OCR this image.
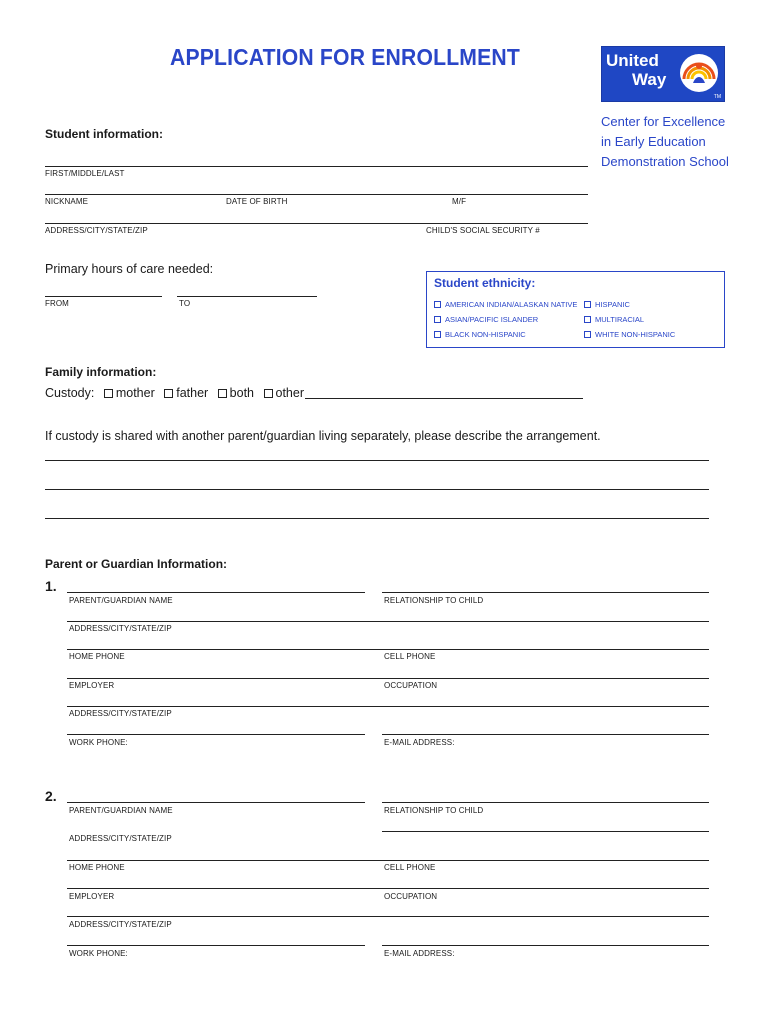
APPLICATION FOR ENROLLMENT	United
Way
TM
Center for Excellence
in Early Education
Demonstration School
Student information:
FIRST/MIDDLE/LAST
NICKNAME	DATE OF BIRTH	M/F
ADDRESS/CITY/STATE/ZIP	CHILD'S SOCIAL SECURITY #
Primary hours of care needed:
FROM	TO
Student ethnicity:
AMERICAN INDIAN/ALASKAN NATIVE	HISPANIC
ASIAN/PACIFIC ISLANDER	MULTIRACIAL
BLACK NON-HISPANIC	WHITE NON-HISPANIC
Family information:
Custody: mother father both other
If custody is shared with another parent/guardian living separately, please describe the arrangement.
Parent or Guardian Information:
1.
PARENT/GUARDIAN NAME	RELATIONSHIP TO CHILD
ADDRESS/CITY/STATE/ZIP
HOME PHONE	CELL PHONE
EMPLOYER	OCCUPATION
ADDRESS/CITY/STATE/ZIP
WORK PHONE:	E-MAIL ADDRESS:
2.
PARENT/GUARDIAN NAME	RELATIONSHIP TO CHILD
ADDRESS/CITY/STATE/ZIP
HOME PHONE	CELL PHONE
EMPLOYER	OCCUPATION
ADDRESS/CITY/STATE/ZIP
WORK PHONE:	E-MAIL ADDRESS:
